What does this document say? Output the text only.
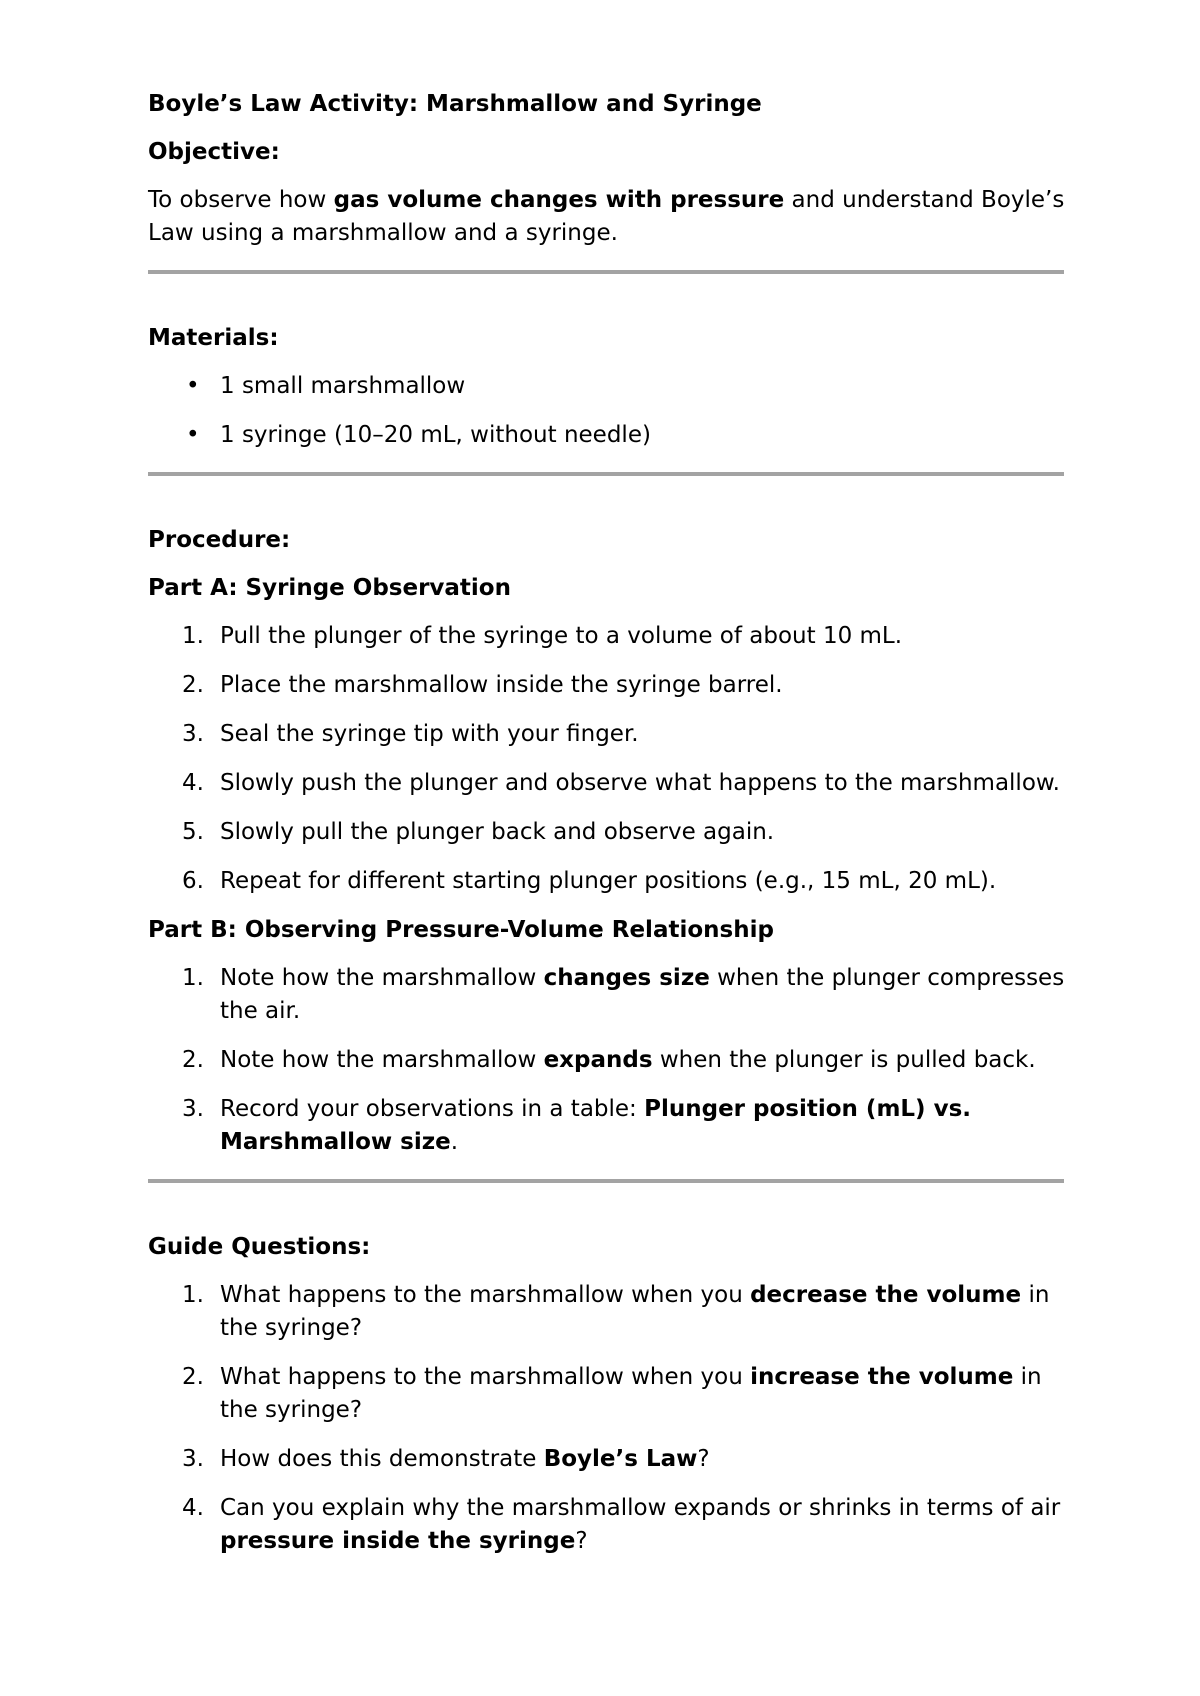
Boyle’s Law Activity: Marshmallow and Syringe

Objective:

To observe how gas volume changes with pressure and understand Boyle’s Law using a marshmallow and a syringe.

Materials:

• 1 small marshmallow
• 1 syringe (10–20 mL, without needle)

Procedure:

Part A: Syringe Observation

1. Pull the plunger of the syringe to a volume of about 10 mL.
2. Place the marshmallow inside the syringe barrel.
3. Seal the syringe tip with your finger.
4. Slowly push the plunger and observe what happens to the marshmallow.
5. Slowly pull the plunger back and observe again.
6. Repeat for different starting plunger positions (e.g., 15 mL, 20 mL).

Part B: Observing Pressure-Volume Relationship

1. Note how the marshmallow changes size when the plunger compresses the air.
2. Note how the marshmallow expands when the plunger is pulled back.
3. Record your observations in a table: Plunger position (mL) vs. Marshmallow size.

Guide Questions:

1. What happens to the marshmallow when you decrease the volume in the syringe?
2. What happens to the marshmallow when you increase the volume in the syringe?
3. How does this demonstrate Boyle’s Law?
4. Can you explain why the marshmallow expands or shrinks in terms of air pressure inside the syringe?
